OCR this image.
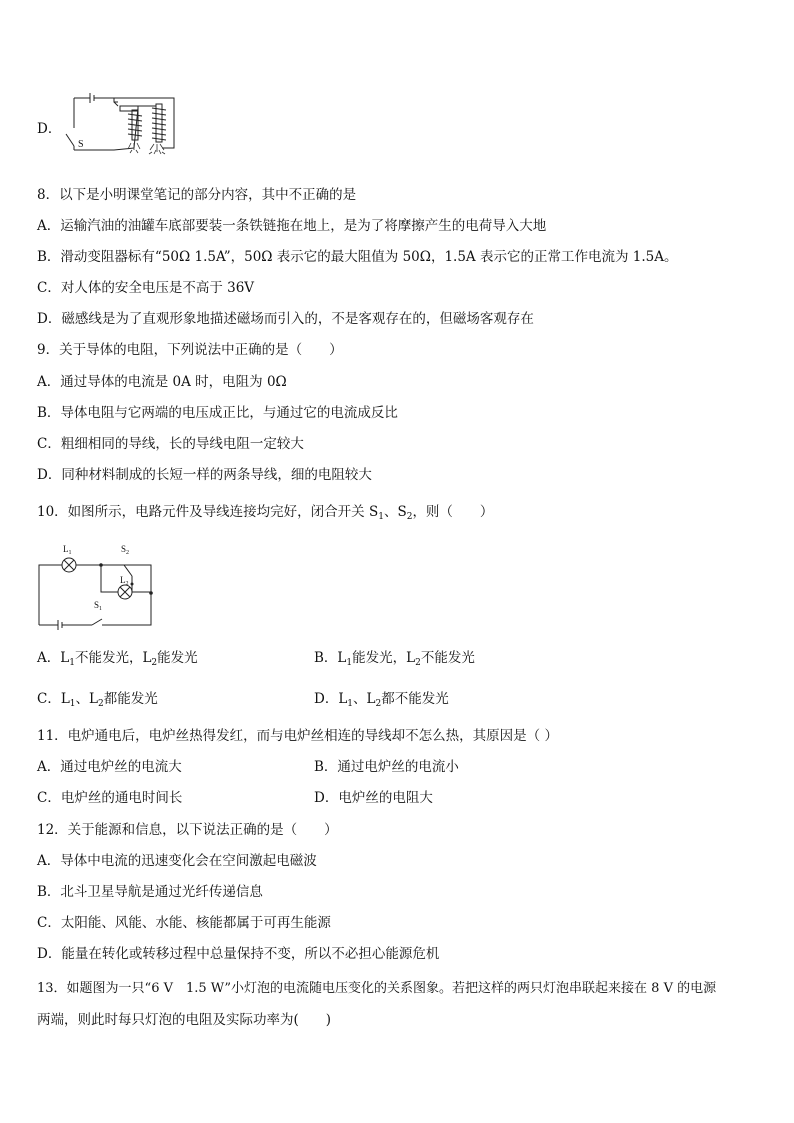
D．
S
8．以下是小明课堂笔记的部分内容，其中不正确的是
A．运输汽油的油罐车底部要装一条铁链拖在地上，是为了将摩擦产生的电荷导入大地
B．滑动变阻器标有“50Ω 1.5A”，50Ω 表示它的最大阻值为 50Ω，1.5A 表示它的正常工作电流为 1.5A。
C．对人体的安全电压是不高于 36V
D．磁感线是为了直观形象地描述磁场而引入的，不是客观存在的，但磁场客观存在
9．关于导体的电阻，下列说法中正确的是（　　）
A．通过导体的电流是 0A 时，电阻为 0Ω
B．导体电阻与它两端的电压成正比，与通过它的电流成反比
C．粗细相同的导线，长的导线电阻一定较大
D．同种材料制成的长短一样的两条导线，细的电阻较大
10．如图所示，电路元件及导线连接均完好，闭合开关 $S_1$、$S_2$，则（　　）
$L_1$	$S_2$
$L_2$
$S_1$
A．$L_1$不能发光，$L_2$能发光	B．$L_1$能发光，$L_2$不能发光
C．$L_1$、$L_2$都能发光	D．$L_1$、$L_2$都不能发光
11．电炉通电后，电炉丝热得发红，而与电炉丝相连的导线却不怎么热，其原因是（ ）
A．通过电炉丝的电流大	B．通过电炉丝的电流小
C．电炉丝的通电时间长	D．电炉丝的电阻大
12．关于能源和信息，以下说法正确的是（　　）
A．导体中电流的迅速变化会在空间激起电磁波
B．北斗卫星导航是通过光纤传递信息
C．太阳能、风能、水能、核能都属于可再生能源
D．能量在转化或转移过程中总量保持不变，所以不必担心能源危机
13．如题图为一只“6 V　1.5 W”小灯泡的电流随电压变化的关系图象。若把这样的两只灯泡串联起来接在 8 V 的电源
两端，则此时每只灯泡的电阻及实际功率为(　　)
